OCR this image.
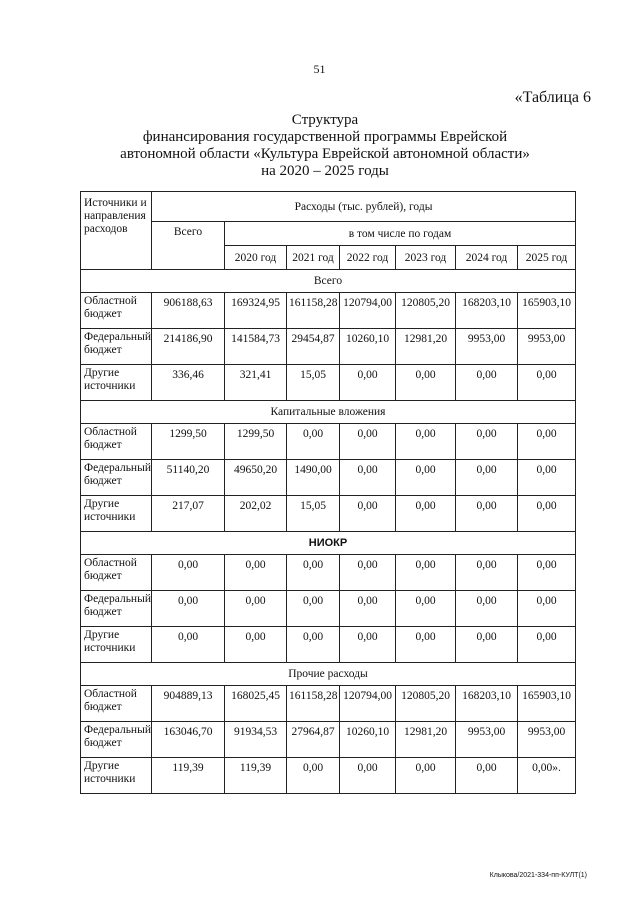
51
«Таблица 6
Структура
финансирования государственной программы Еврейской
автономной области «Культура Еврейской автономной области»
на 2020 – 2025 годы
Источники и направления расходов	Расходы (тыс. рублей), годы						
	Всего	в том числе по годам					
		2020 год	2021 год	2022 год	2023 год	2024 год	2025 год
Всего							
Областной бюджет	906188,63	169324,95	161158,28	120794,00	120805,20	168203,10	165903,10
Федеральный бюджет	214186,90	141584,73	29454,87	10260,10	12981,20	9953,00	9953,00
Другие источники	336,46	321,41	15,05	0,00	0,00	0,00	0,00
Капитальные вложения							
Областной бюджет	1299,50	1299,50	0,00	0,00	0,00	0,00	0,00
Федеральный бюджет	51140,20	49650,20	1490,00	0,00	0,00	0,00	0,00
Другие источники	217,07	202,02	15,05	0,00	0,00	0,00	0,00
НИОКР							
Областной бюджет	0,00	0,00	0,00	0,00	0,00	0,00	0,00
Федеральный бюджет	0,00	0,00	0,00	0,00	0,00	0,00	0,00
Другие источники	0,00	0,00	0,00	0,00	0,00	0,00	0,00
Прочие расходы							
Областной бюджет	904889,13	168025,45	161158,28	120794,00	120805,20	168203,10	165903,10
Федеральный бюджет	163046,70	91934,53	27964,87	10260,10	12981,20	9953,00	9953,00
Другие источники	119,39	119,39	0,00	0,00	0,00	0,00	0,00».
Клыкова/2021-334-пп-КУЛТ(1)
